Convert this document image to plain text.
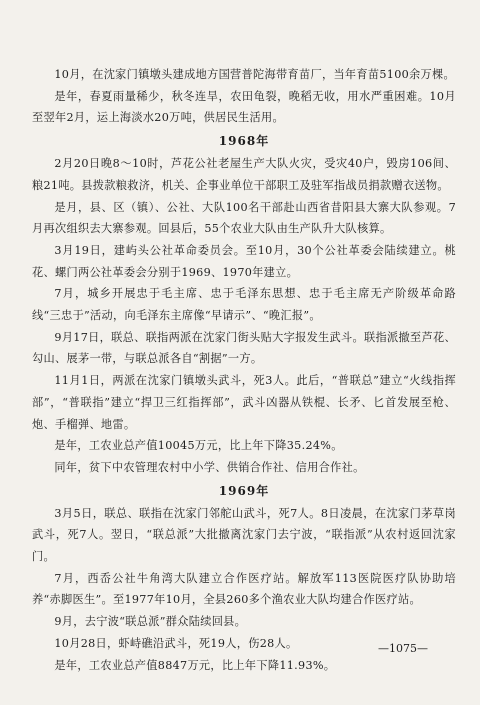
10月，在沈家门镇墩头建成地方国营普陀海带育苗厂，当年育苗5100余万棵。

是年，春夏雨量稀少，秋冬连旱，农田龟裂，晚稻无收，用水严重困难。10月至翌年2月，运上海淡水20万吨，供居民生活用。

1968年

2月20日晚8～10时，芦花公社老屋生产大队火灾，受灾40户，毁房106间、粮21吨。县拨款粮救济，机关、企事业单位干部职工及驻军指战员捐款赠衣送物。

是月，县、区（镇）、公社、大队100名干部赴山西省昔阳县大寨大队参观。7月再次组织去大寨参观。回县后，55个农业大队由生产队升大队核算。

3月19日，建屿头公社革命委员会。至10月，30个公社革委会陆续建立。桃花、螺门两公社革委会分别于1969、1970年建立。

7月，城乡开展忠于毛主席、忠于毛泽东思想、忠于毛主席无产阶级革命路线“三忠于”活动，向毛泽东主席像“早请示”、“晚汇报”。

9月17日，联总、联指两派在沈家门街头贴大字报发生武斗。联指派撤至芦花、勾山、展茅一带，与联总派各自“割据”一方。

11月1日，两派在沈家门镇墩头武斗，死3人。此后，“普联总”建立“火线指挥部”，“普联指”建立“捍卫三红指挥部”，武斗凶器从铁棍、长矛、匕首发展至枪、炮、手榴弹、地雷。

是年，工农业总产值10045万元，比上年下降35.24%。

同年，贫下中农管理农村中小学、供销合作社、信用合作社。

1969年

3月5日，联总、联指在沈家门邻舵山武斗，死7人。8日凌晨，在沈家门茅草岗武斗，死7人。翌日，“联总派”大批撤离沈家门去宁波，“联指派”从农村返回沈家门。

7月，西岙公社牛角湾大队建立合作医疗站。解放军113医院医疗队协助培养“赤脚医生”。至1977年10月，全县260多个渔农业大队均建合作医疗站。

9月，去宁波“联总派”群众陆续回县。

10月28日，虾峙礁沿武斗，死19人，伤28人。

是年，工农业总产值8847万元，比上年下降11.93%。

—1075—
